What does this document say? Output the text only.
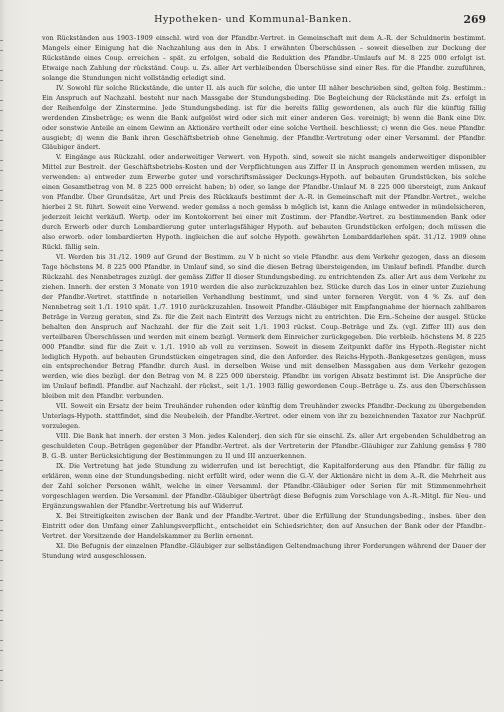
Hypotheken- und Kommunal-Banken.	269

von Rückständen aus 1903–1909 einschl. wird von der Pfandbr.-Vertret. in Gemeinschaft mit dem A.-R. der Schuldnerin bestimmt. Mangels einer Einigung hat die Nachzahlung aus den in Abs. I erwähnten Überschüssen – soweit dieselben zur Deckung der Rückstände eines Coup. erreichen – spät. zu erfolgen, sobald die Reduktion des Pfandbr.-Umlaufs auf M. 8 225 000 erfolgt ist. Etwaige nach Zahlung der rückständ. Coup. u. Zs. aller Art verbleibenden Überschüsse sind einer Res. für die Pfandbr. zuzuführen, solange die Stundungen nicht vollständig erledigt sind.

IV. Sowohl für solche Rückstände, die unter II. als auch für solche, die unter III näher beschrieben sind, gelten folg. Bestimm.: Ein Anspruch auf Nachzahl. besteht nur nach Massgabe der Stundungsbeding. Die Begleichung der Rückstände mit Zs. erfolgt in der Reihenfolge der Zinstermine. Jede Stundungsbeding. ist für die bereits fällig gewordenen, als auch für die künftig fällig werdenden Zinsbeträge; es wenn die Bank aufgelöst wird oder sich mit einer anderen Ges. vereinigt; b) wenn die Bank eine Div. oder sonstwie Anteile an einem Gewinn an Aktionäre vertheilt oder eine solche Vertheil. beschliesst; c) wenn die Ges. neue Pfandbr. ausgiebt; d) wenn die Bank ihren Geschäftsbetrieb ohne Genehmig. der Pfandbr.-Vertretung oder einer Versamml. der Pfandbr. Gläubiger ändert.

V. Eingänge aus Rückzahl. oder anderweitiger Verwert. von Hypoth. sind, soweit sie nicht mangels anderweitiger disponibler Mittel zur Bestreit. der Geschäftsbetriebs-Kosten und der Verpflichtungen aus Ziffer II in Anspruch genommen werden müssen, zu verwenden: a) entweder zum Erwerbe guter und vorschriftsmässiger Deckungs-Hypoth. auf bebauten Grundstücken, bis solche einen Gesamtbetrag von M. 8 225 000 erreicht haben; b) oder, so lange der Pfandbr.-Umlauf M. 8 225 000 übersteigt, zum Ankauf von Pfandbr. Über Grundsätze, Art und Preis des Rückkaufs bestimmt der A.-R. in Gemeinschaft mit der Pfandbr.-Vertret., welche hierbei 2 St. führt. Soweit eine Verwend. weder gemäss a noch gemäss b möglich ist, kann die Anlage entweder in mündelsicheren, jederzeit leicht verkäufl. Wertp. oder im Kontokorrent bei einer mit Zustimm. der Pfandbr.-Vertret. zu bestimmenden Bank oder durch Erwerb oder durch Lombardierung guter unterlagsfähiger Hypoth. auf bebauten Grundstücken erfolgen; doch müssen die also erworb. oder lombardierten Hypoth. ingleichen die auf solche Hypoth. gewährten Lombarddarlehen spät. 31./12. 1909 ohne Rückl. fällig sein.

VI. Werden bis 31./12. 1909 auf Grund der Bestimm. zu V b nicht so viele Pfandbr. aus dem Verkehr gezogen, dass an diesem Tage höchstens M. 8 225 000 Pfandbr. in Umlauf sind, so sind die diesen Betrag übersteigenden, im Umlauf befindl. Pfandbr. durch Rückzahl. des Nennbetrages zuzügl. der gemäss Ziffer II dieser Stundungsbeding. zu entrichtenden Zs. aller Art aus dem Verkehr zu ziehen. Innerh. der ersten 3 Monate von 1910 werden die also zurückzuzahlen bez. Stücke durch das Los in einer unter Zuziehung der Pfandbr.-Vertret. stattfinde n notariellen Verhandlung bestimmt, und sind unter ferneren Vergüt. von 4 % Zs. auf den Nennbetrag seit 1./1. 1910 spät. 1./7. 1910 zurückzuzahlen. Insoweit Pfandbr.-Gläubiger mit Empfangnahme der hiernach zahlbaren Beträge in Verzug geraten, sind Zs. für die Zeit nach Eintritt des Verzugs nicht zu entrichten. Die Ern.-Scheine der ausgel. Stücke behalten den Anspruch auf Nachzahl. der für die Zeit seit 1./1. 1903 rückst. Coup.-Beträge und Zs. (vgl. Ziffer III) aus den verteilbaren Überschüssen und werden mit einem bezügl. Vermerk dem Einreicher zurückgegeben. Die verbleib. höchstens M. 8 225 000 Pfandbr. sind für die Zeit v. 1./1. 1910 ab voll zu verzinsen. Soweit in diesem Zeitpunkt daför ins Hypoth.-Register nicht lediglich Hypoth. auf bebauten Grundstücken eingetragen sind, die den Anforder. des Reichs-Hypoth.-Bankgesetzes genügen, muss ein entsprechender Betrag Pfandbr. durch Ausl. in derselben Weise und mit denselben Massgaben aus dem Verkehr gezogen werden, wie dies bezügl. der den Betrag von M. 8 225 000 übersteig. Pfandbr. im vorigen Absatz bestimmt ist. Die Ansprüche der im Umlauf befindl. Pfandbr. auf Nachzahl. der rückst., seit 1./1. 1903 fällig gewordenen Coup.-Beträge u. Zs. aus den Überschüssen bleiben mit den Pfandbr. verbunden.

VII. Soweit ein Ersatz der beim Treuhänder ruhenden oder künftig dem Treuhänder zwecks Pfandbr.-Deckung zu übergebenden Unterlags-Hypoth. stattfindet, sind die Neubeleih. der Pfandbr.-Vertret. oder einem von ihr zu bezeichnenden Taxator zur Nachprüf. vorzulegen.

VIII. Die Bank hat innerh. der ersten 3 Mon. jedes Kalenderj. den sich für sie einschl. Zs. aller Art ergebenden Schuldbetrag an geschuldeten Coup.-Beträgen gegenüber der Pfandbr.-Vertret. als der Vertreterin der Pfandbr.-Gläubiger zur Zahlung gemäss § 780 B. G.-B. unter Berücksichtigung der Bestimmungen zu II und III anzuerkennen.

IX. Die Vertretung hat jede Stundung zu widerrufen und ist berechtigt, die Kapitalforderung aus den Pfandbr. für fällig zu erklären, wenn eine der Stundungsbeding. nicht erfüllt wird, oder wenn die G.-V. der Aktionäre nicht in dem A.-R. die Mehrheit aus der Zahl solcher Personen wählt, welche in einer Versamml. der Pfandbr.-Gläubiger oder Serien für mit Stimmenmehrheit vorgeschlagen werden. Die Versamml. der Pfandbr.-Gläubiger überträgt diese Befugnis zum Vorschlage von A.-R.-Mitgl. für Neu- und Ergänzungswahlen der Pfandbr.-Vertretung bis auf Widerruf.

X. Bei Streitigkeiten zwischen der Bank und der Pfandbr.-Vertret. über die Erfüllung der Stundungsbeding., insbes. über den Eintritt oder den Umfang einer Zahlungsverpflicht., entscheidet ein Schiedsrichter, den auf Ansuchen der Bank oder der Pfandbr.-Vertret. der Vorsitzende der Handelskammer zu Berlin ernennt.

XI. Die Befugnis der einzelnen Pfandbr.-Gläubiger zur selbständigen Geltendmachung ihrer Forderungen während der Dauer der Stundung wird ausgeschlossen.
